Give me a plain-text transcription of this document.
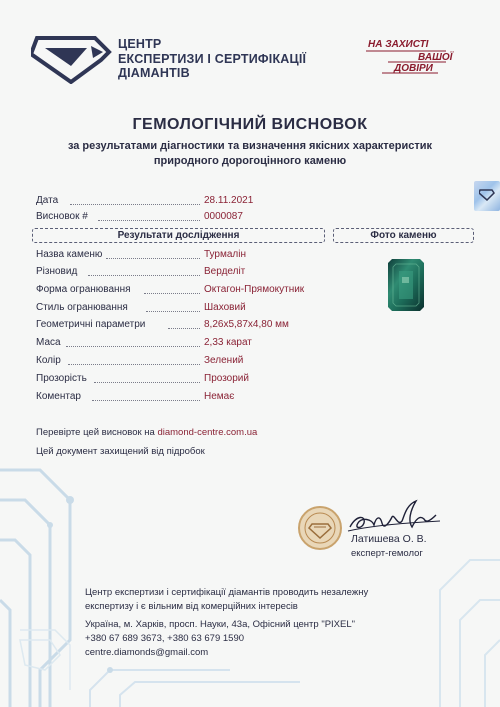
ЦЕНТР
ЕКСПЕРТИЗИ І СЕРТИФІКАЦІЇ
ДІАМАНТІВ
НА ЗАХИСТІ
ВАШОЇ
ДОВІРИ
ГЕМОЛОГІЧНИЙ ВИСНОВОК
за результатами діагностики та визначення якісних характеристик
природного дорогоцінного каменю
Дата	28.11.2021
Висновок #	0000087
Результати дослідження	Фото каменю
Назва каменю	Турмалін
Різновид	Верделіт
Форма огранювання	Октагон-Прямокутник
Стиль огранювання	Шаховий
Геометричні параметри	8,26х5,87х4,80 мм
Маса	2,33 карат
Колір	Зелений
Прозорість	Прозорий
Коментар	Немає
Перевірте цей висновок на diamond-centre.com.ua
Цей документ захищений від підробок
Латишева О. В.
експерт-гемолог
Центр експертизи і сертифікації діамантів проводить незалежну
експертизу і є вільним від комерційних інтересів
Україна, м. Харків, просп. Науки, 43а, Офісний центр "PIXEL"
+380 67 689 3673, +380 63 679 1590
centre.diamonds@gmail.com
